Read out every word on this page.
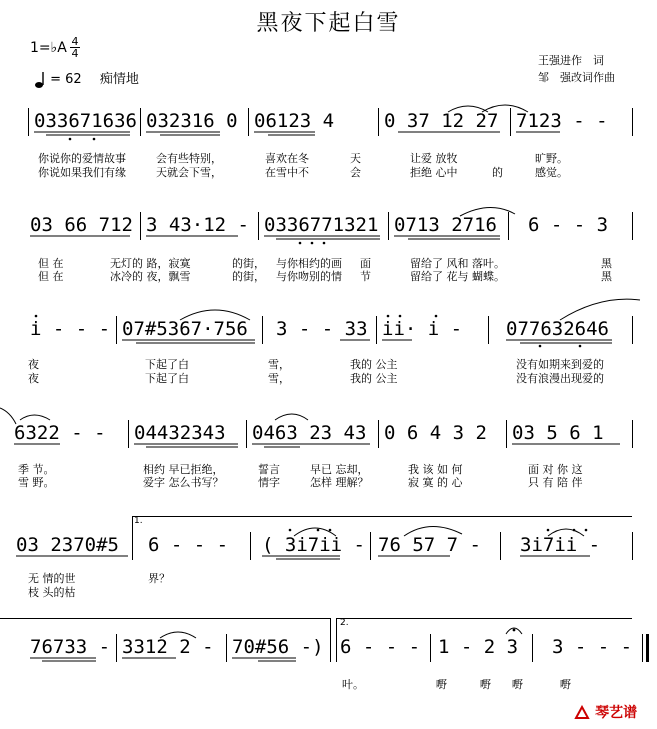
黑夜下起白雪
1=♭A 4
4
= 62 痴情地
王强进作　词
邹　强改词作曲
033671636 032316 0 06123 4	0 37 12 27 7123 - -
你说你的爱情故事	会有些特别，	喜欢在冬	天	让爱 放牧	旷野。
你说如果我们有缘	天就会下雪，	在雪中不	会	拒绝 心中	的	感觉。
03 66 712 3 43·12 - 0336771321 0713 2716 6 - - 3
但 在	无灯的 路，寂寞	的街， 与你相约的画 面	留给了 风和 落叶。	黑
但 在	冰冷的 夜，飘雪	的街， 与你吻别的情 节	留给了 花与 蝴蝶。	黑
i - - - 07#5367·756 3 - - 33 ii· i - 077632646
夜	下起了白	雪，	我的 公主	没有如期来到爱的
夜	下起了白	雪，	我的 公主	没有浪漫出现爱的
6322 - - 04432343 0463 23 43 0 6 4 3 2 03 5 6 1
季 节。	相约 早已拒绝，	誓言	早已 忘却，	我 该 如 何	面 对 你 这
雪 野。	爱字 怎么书写？	情字	怎样 理解？	寂 寞 的 心	只 有 陪 伴
1.
03 2370#5 6 - - - ( 3i7ii - 76 57 7 - 3i7ii -
无 情的世	界？
枝 头的枯
2.
76733 - 3312 2 - 70#56 -) 6 - - - 1 - 2 3 3 - - -
叶。	嘢	嘢 嘢	嘢
琴艺谱
